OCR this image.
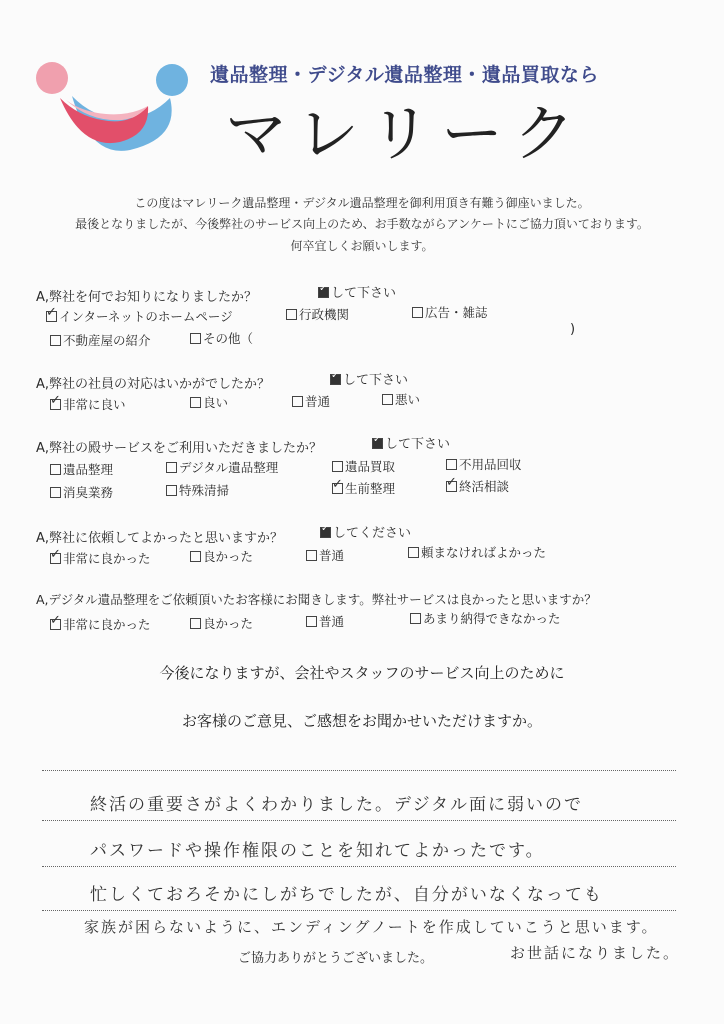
遺品整理・デジタル遺品整理・遺品買取なら
マレリーク
この度はマレリーク遺品整理・デジタル遺品整理を御利用頂き有難う御座いました。
最後となりましたが、今後弊社のサービス向上のため、お手数ながらアンケートにご協力頂いております。
何卒宜しくお願いします。
A,弊社を何でお知りになりましたか？ ✓	して下さい
✓インターネットのホームページ	行政機関	広告・雑誌
不動産屋の紹介	その他（
)
A,弊社の社員の対応はいかがでしたか？ ✓	して下さい
✓非常に良い	良い	普通	悪い
A,弊社の殿サービスをご利用いただきましたか？ ✓	して下さい
遺品整理	デジタル遺品整理	遺品買取	不用品回収
消臭業務	特殊清掃 ✓	生前整理 ✓	終活相談
A,弊社に依頼してよかったと思いますか？ ✓	してください
✓非常に良かった	良かった	普通	頼まなければよかった
A,デジタル遺品整理をご依頼頂いたお客様にお聞きします。弊社サービスは良かったと思いますか？
✓非常に良かった	良かった	普通	あまり納得できなかった
今後になりますが、会社やスタッフのサービス向上のために
お客様のご意見、ご感想をお聞かせいただけますか。
終活の重要さがよくわかりました。デジタル面に弱いので
パスワードや操作権限のことを知れてよかったです。
忙しくておろそかにしがちでしたが、自分がいなくなっても
家族が困らないように、エンディングノートを作成していこうと思います。
ご協力ありがとうございました。	お世話になりました。
